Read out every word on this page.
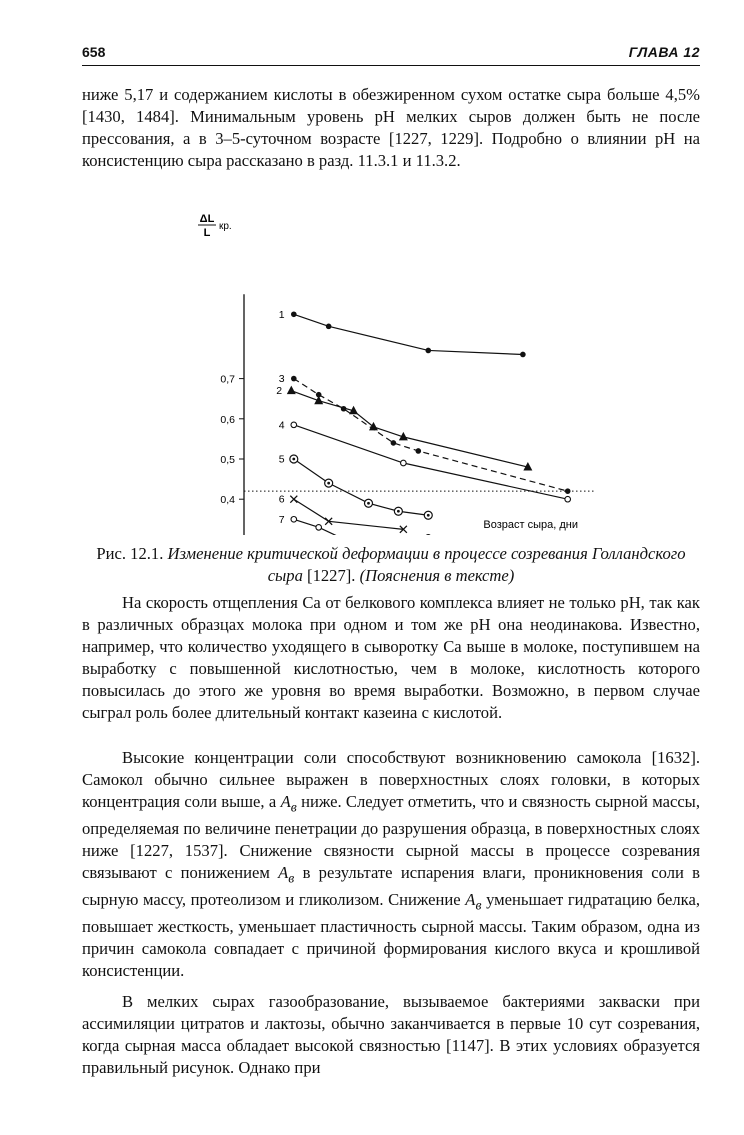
658	ГЛАВА 12

ниже 5,17 и содержанием кислоты в обезжиренном сухом остатке сыра больше 4,5% [1430, 1484]. Минимальным уровень pH мелких сыров должен быть не после прессования, а в 3–5-суточном возрасте [1227, 1229]. Подробно о влиянии pH на консистенцию сыра рассказано в разд. 11.3.1 и 11.3.2.

ΔL
L
кр.
0,4
0,5
0,6
0,7
1
2
3
4
5
6
7	Возраст сыра, дни
Рис. 12.1. Изменение критической деформации в процессе созревания Голландского сыра [1227]. (Пояснения в тексте)

На скорость отщепления Са от белкового комплекса влияет не только pH, так как в различных образцах молока при одном и том же pH она неодинакова. Известно, например, что количество уходящего в сыворотку Са выше в молоке, поступившем на выработку с повышенной кислотностью, чем в молоке, кислотность которого повысилась до этого же уровня во время выработки. Возможно, в первом случае сыграл роль более длительный контакт казеина с кислотой.

Высокие концентрации соли способствуют возникновению самокола [1632]. Самокол обычно сильнее выражен в поверхностных слоях головки, в которых концентрация соли выше, а $A_в$ ниже. Следует отметить, что и связность сырной массы, определяемая по величине пенетрации до разрушения образца, в поверхностных слоях ниже [1227, 1537]. Снижение связности сырной массы в процессе созревания связывают с понижением $A_в$ в результате испарения влаги, проникновения соли в сырную массу, протеолизом и гликолизом. Снижение $A_в$ уменьшает гидратацию белка, повышает жесткость, уменьшает пластичность сырной массы. Таким образом, одна из причин самокола совпадает с причиной формирования кислого вкуса и крошливой консистенции.

В мелких сырах газообразование, вызываемое бактериями закваски при ассимиляции цитратов и лактозы, обычно заканчивается в первые 10 сут созревания, когда сырная масса обладает высокой связностью [1147]. В этих условиях образуется правильный рисунок. Однако при
